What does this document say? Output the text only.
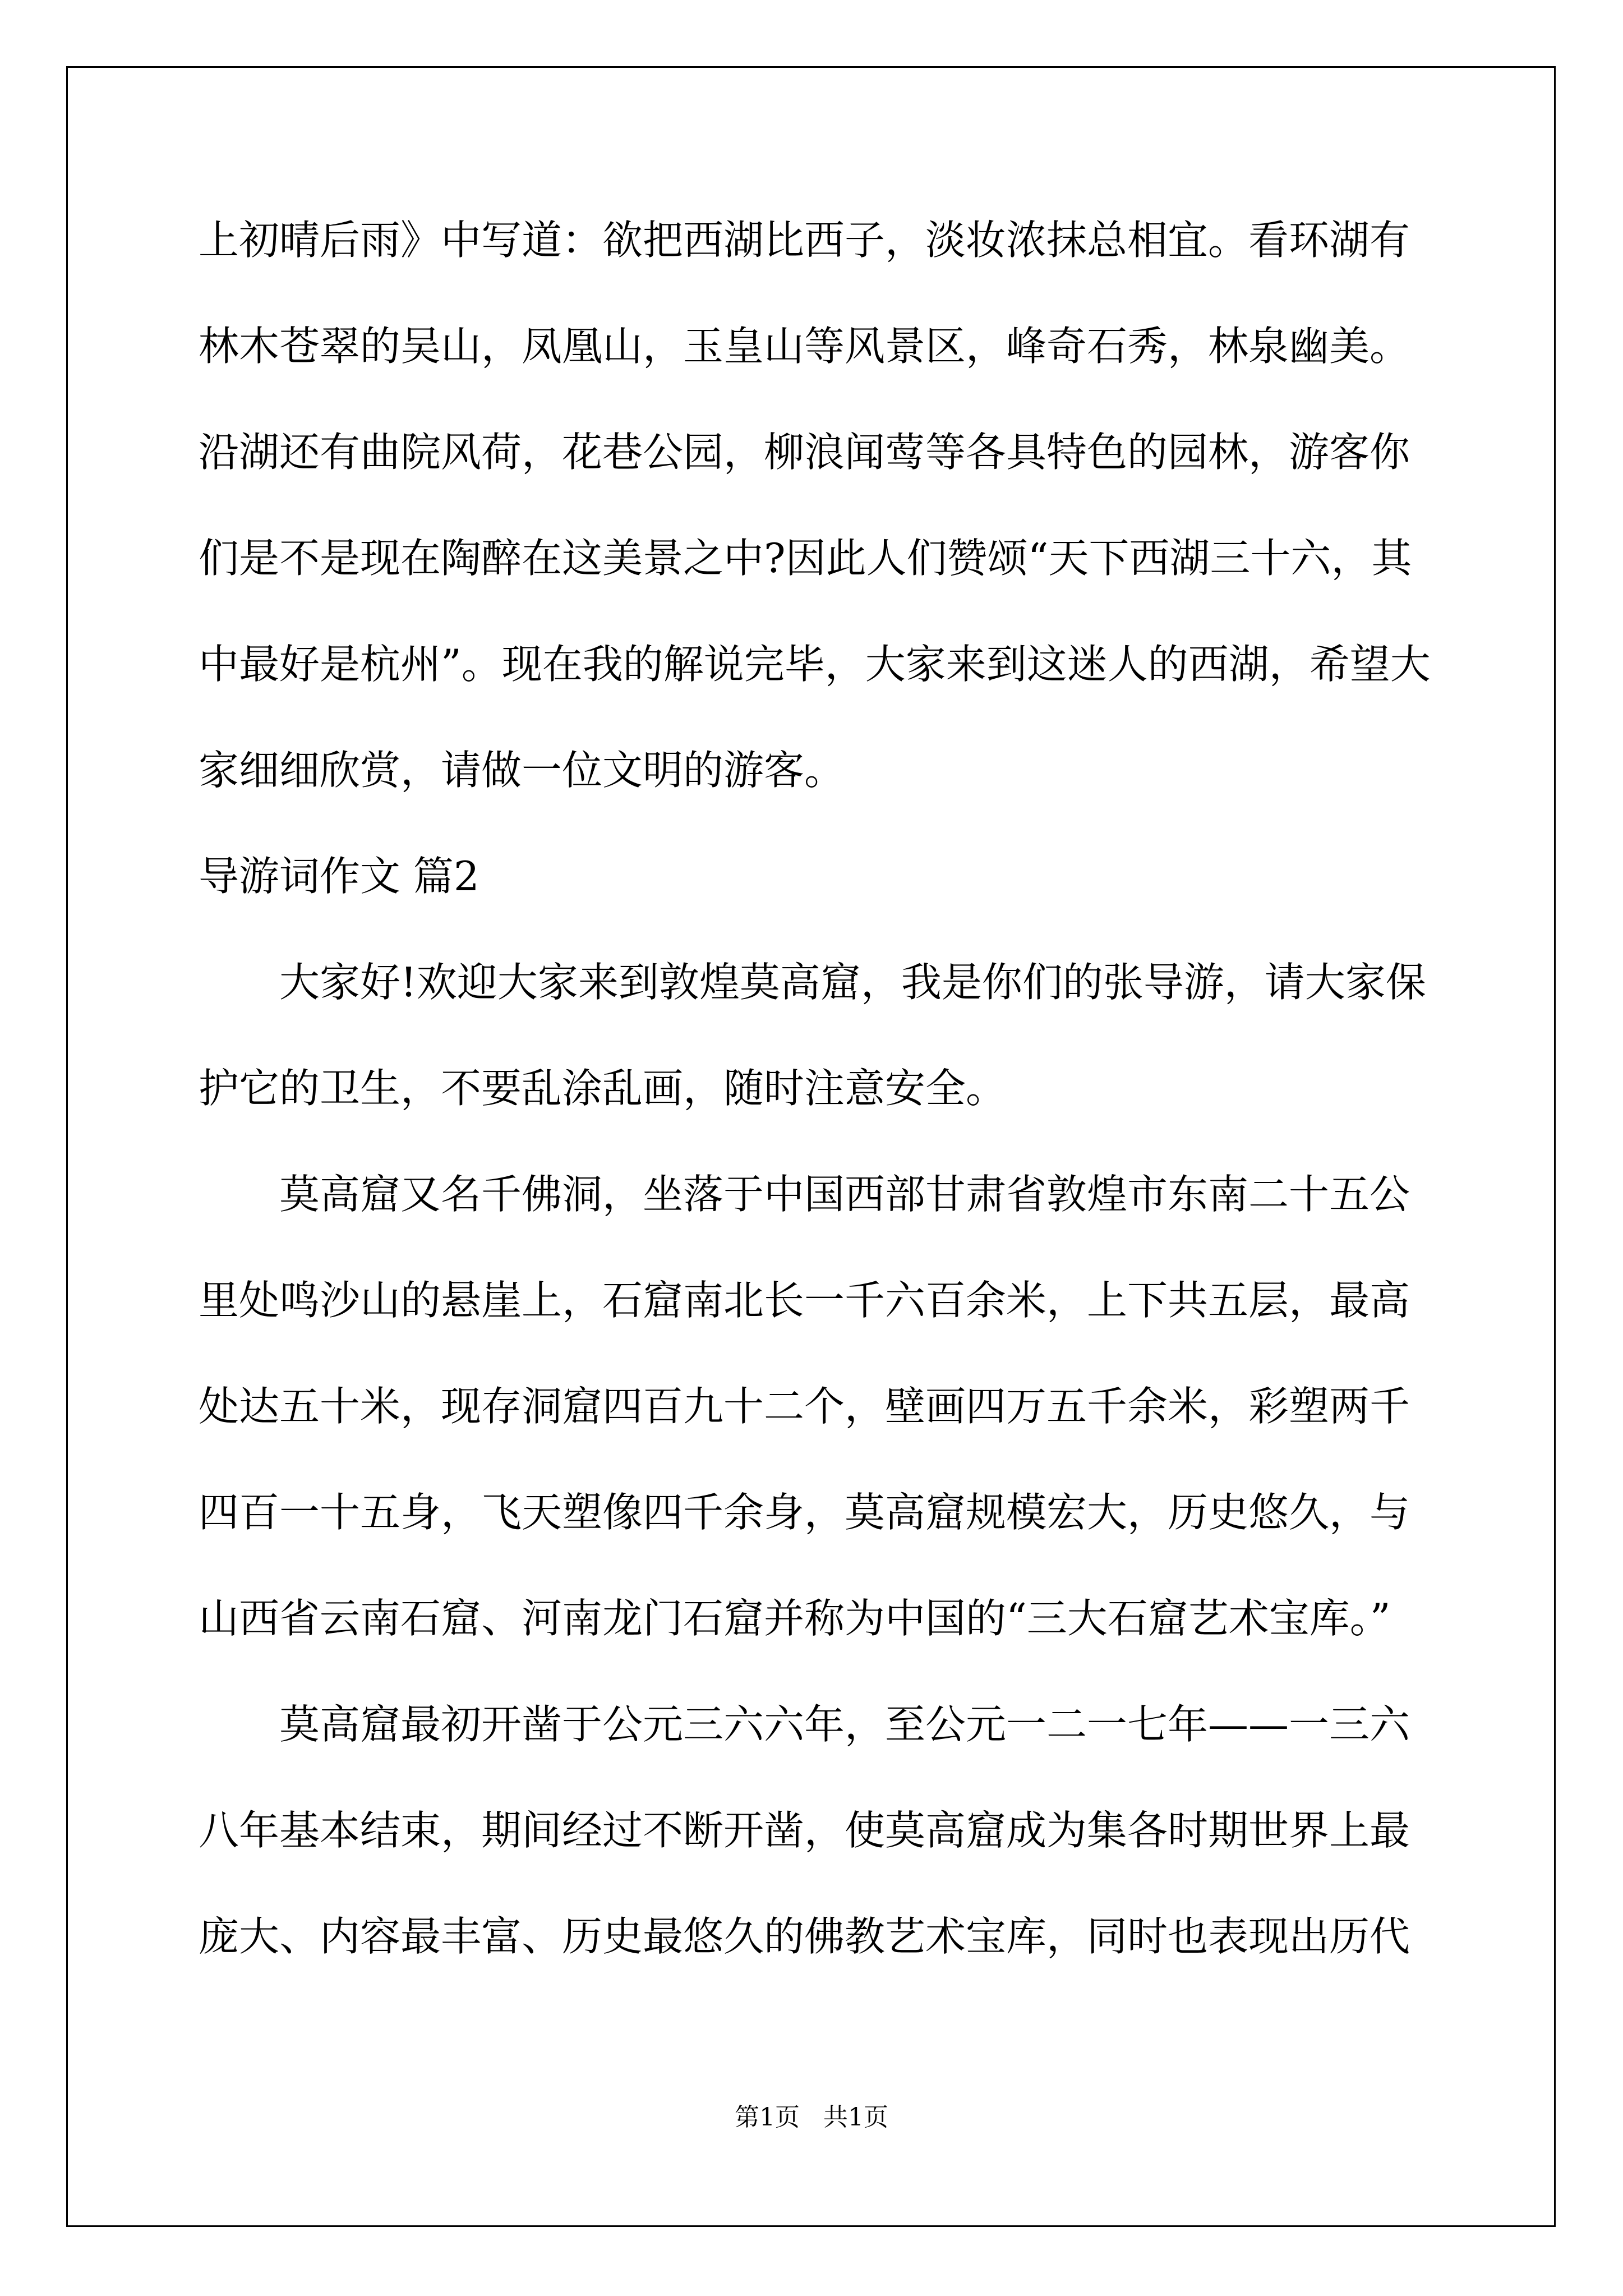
上初晴后雨》中写道：欲把西湖比西子，淡妆浓抹总相宜。看环湖有
林木苍翠的吴山，凤凰山，玉皇山等风景区，峰奇石秀，林泉幽美。
沿湖还有曲院风荷，花巷公园，柳浪闻莺等各具特色的园林，游客你
们是不是现在陶醉在这美景之中?因此人们赞颂“天下西湖三十六，其
中最好是杭州”。现在我的解说完毕，大家来到这迷人的西湖，希望大
家细细欣赏，请做一位文明的游客。
导游词作文 篇2
大家好!欢迎大家来到敦煌莫高窟，我是你们的张导游，请大家保
护它的卫生，不要乱涂乱画，随时注意安全。
莫高窟又名千佛洞，坐落于中国西部甘肃省敦煌市东南二十五公
里处鸣沙山的悬崖上，石窟南北长一千六百余米，上下共五层，最高
处达五十米，现存洞窟四百九十二个，壁画四万五千余米，彩塑两千
四百一十五身，飞天塑像四千余身，莫高窟规模宏大，历史悠久，与
山西省云南石窟、河南龙门石窟并称为中国的“三大石窟艺术宝库。”
莫高窟最初开凿于公元三六六年，至公元一二一七年——一三六
八年基本结束，期间经过不断开凿，使莫高窟成为集各时期世界上最
庞大、内容最丰富、历史最悠久的佛教艺术宝库，同时也表现出历代
第1页   共1页
